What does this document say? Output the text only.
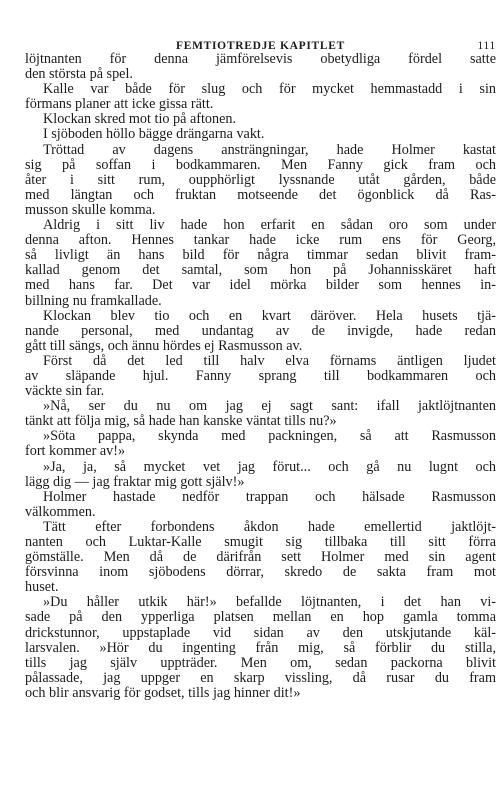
FEMTIOTREDJE KAPITLET	111
löjtnanten för denna jämförelsevis obetydliga fördel satte
den största på spel.
Kalle var både för slug och för mycket hemmastadd i sin
förmans planer att icke gissa rätt.
Klockan skred mot tio på aftonen.
I sjöboden höllo bägge drängarna vakt.
Tröttad av dagens ansträngningar, hade Holmer kastat
sig på soffan i bodkammaren. Men Fanny gick fram och
åter i sitt rum, oupphörligt lyssnande utåt gården, både
med längtan och fruktan motseende det ögonblick då Ras-
musson skulle komma.
Aldrig i sitt liv hade hon erfarit en sådan oro som under
denna afton. Hennes tankar hade icke rum ens för Georg,
så livligt än hans bild för några timmar sedan blivit fram-
kallad genom det samtal, som hon på Johannisskäret haft
med hans far. Det var idel mörka bilder som hennes in-
billning nu framkallade.
Klockan blev tio och en kvart däröver. Hela husets tjä-
nande personal, med undantag av de invigde, hade redan
gått till sängs, och ännu hördes ej Rasmusson av.
Först då det led till halv elva förnams äntligen ljudet
av släpande hjul. Fanny sprang till bodkammaren och
väckte sin far.
»Nå, ser du nu om jag ej sagt sant: ifall jaktlöjtnanten
tänkt att följa mig, så hade han kanske väntat tills nu?»
»Söta pappa, skynda med packningen, så att Rasmusson
fort kommer av!»
»Ja, ja, så mycket vet jag förut... och gå nu lugnt och
lägg dig — jag fraktar mig gott själv!»
Holmer hastade nedför trappan och hälsade Rasmusson
välkommen.
Tätt efter forbondens åkdon hade emellertid jaktlöjt-
nanten och Luktar-Kalle smugit sig tillbaka till sitt förra
gömställe. Men då de därifrån sett Holmer med sin agent
försvinna inom sjöbodens dörrar, skredo de sakta fram mot
huset.
»Du håller utkik här!» befallde löjtnanten, i det han vi-
sade på den ypperliga platsen mellan en hop gamla tomma
drickstunnor, uppstaplade vid sidan av den utskjutande käl-
larsvalen. »Hör du ingenting från mig, så förblir du stilla,
tills jag själv uppträder. Men om, sedan packorna blivit
pålassade, jag uppger en skarp vissling, då rusar du fram
och blir ansvarig för godset, tills jag hinner dit!»
